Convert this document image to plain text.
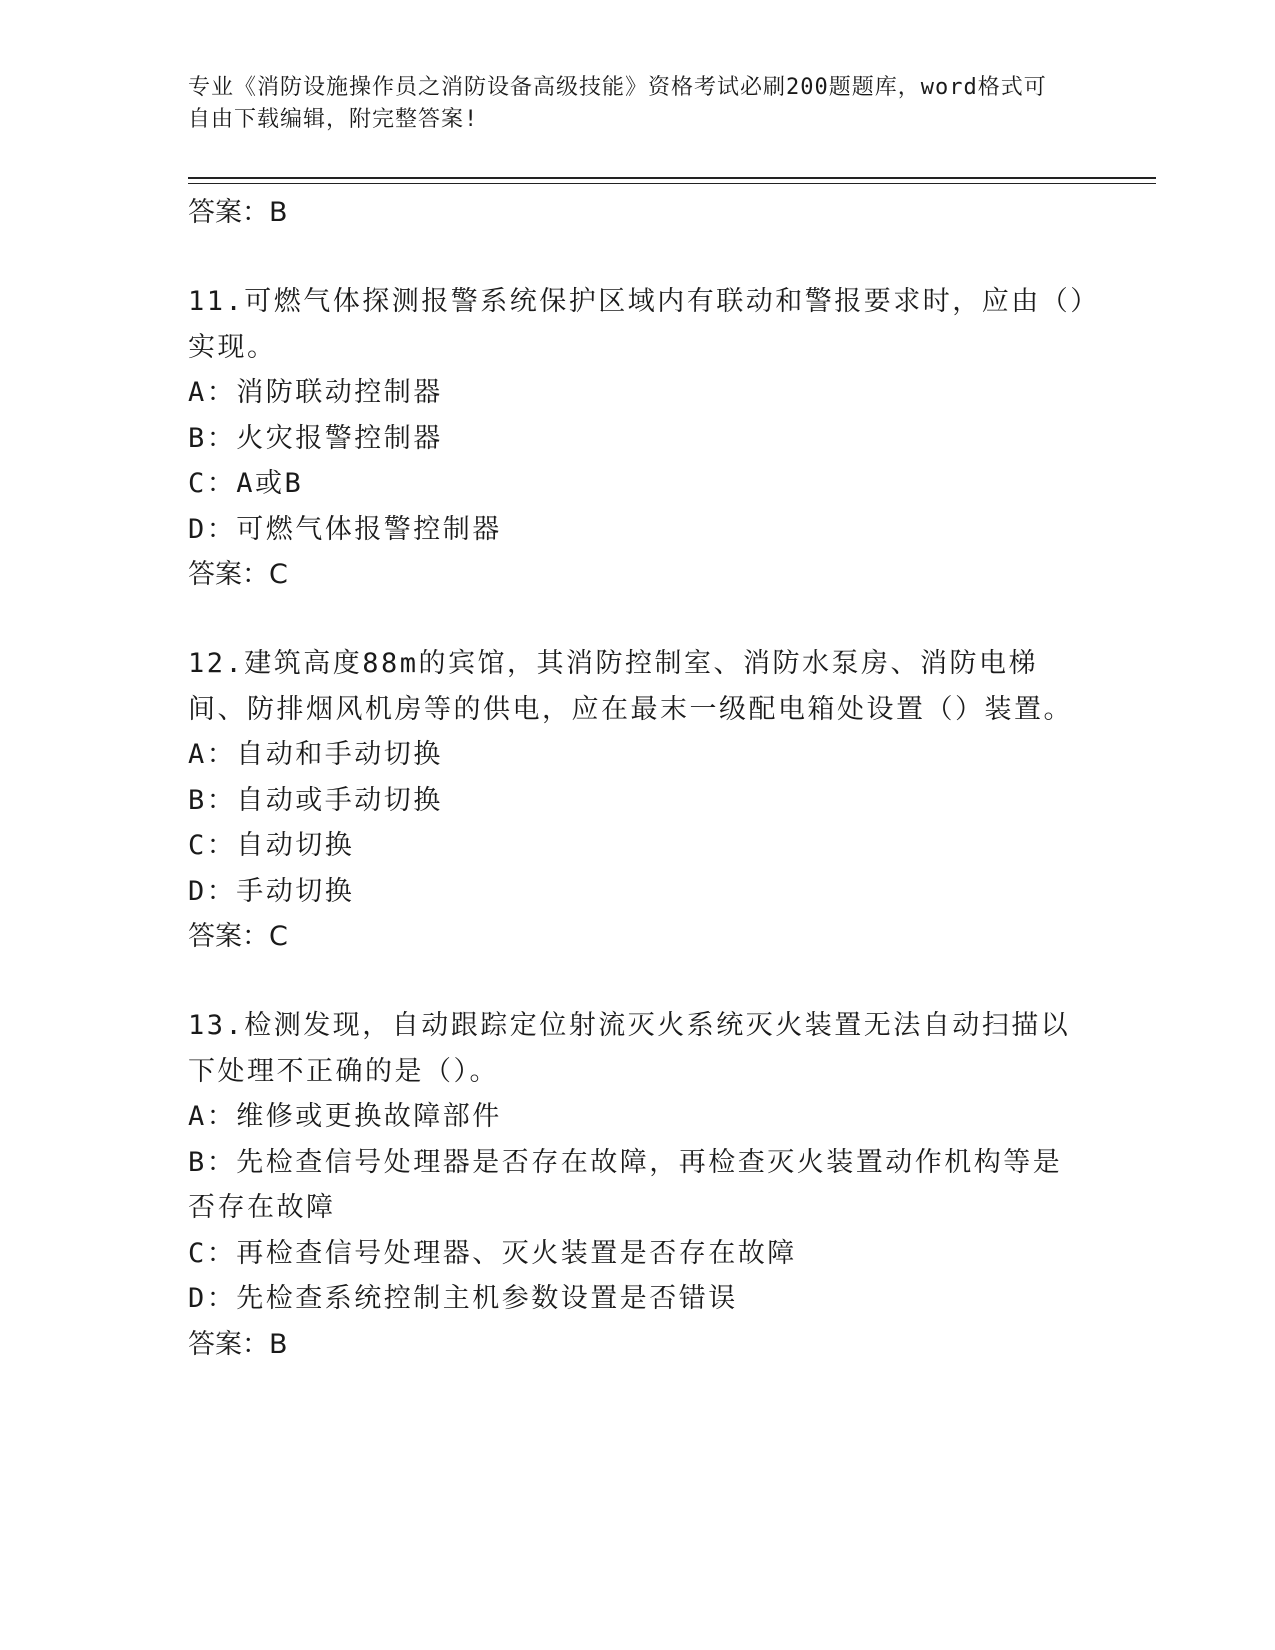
专业《消防设施操作员之消防设备高级技能》资格考试必刷200题题库，word格式可自由下载编辑，附完整答案!
答案：B
11.可燃气体探测报警系统保护区域内有联动和警报要求时，应由（）实现。
A：消防联动控制器
B：火灾报警控制器
C：A或B
D：可燃气体报警控制器
答案：C
12.建筑高度88m的宾馆，其消防控制室、消防水泵房、消防电梯间、防排烟风机房等的供电，应在最末一级配电箱处设置（）装置。
A：自动和手动切换
B：自动或手动切换
C：自动切换
D：手动切换
答案：C
13.检测发现，自动跟踪定位射流灭火系统灭火装置无法自动扫描以下处理不正确的是（）。
A：维修或更换故障部件
B：先检查信号处理器是否存在故障，再检查灭火装置动作机构等是否存在故障
C：再检查信号处理器、灭火装置是否存在故障
D：先检查系统控制主机参数设置是否错误
答案：B
